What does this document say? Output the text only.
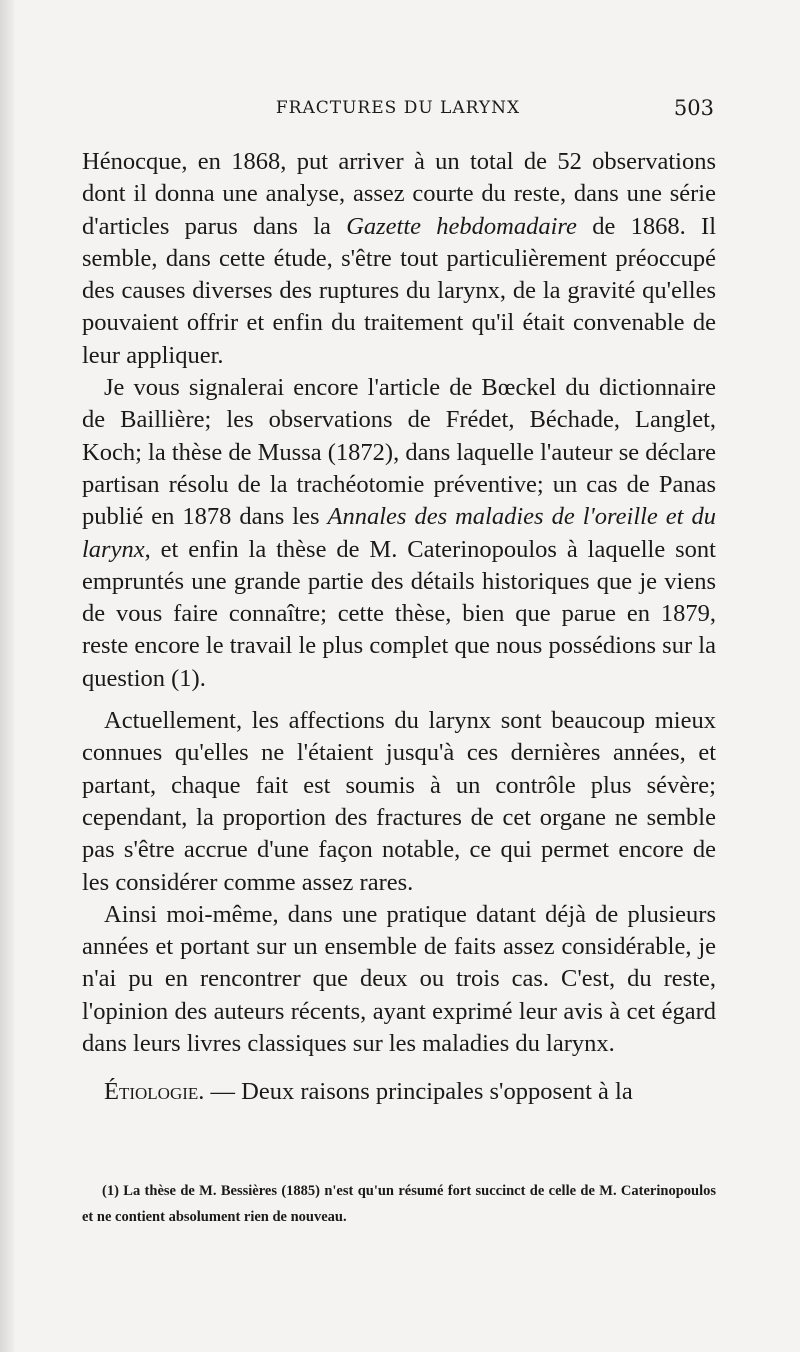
FRACTURES DU LARYNX	503

Hénocque, en 1868, put arriver à un total de 52 observations dont il donna une analyse, assez courte du reste, dans une série d'articles parus dans la Gazette hebdomadaire de 1868. Il semble, dans cette étude, s'être tout particulièrement préoccupé des causes diverses des ruptures du larynx, de la gravité qu'elles pouvaient offrir et enfin du traitement qu'il était convenable de leur appliquer.

Je vous signalerai encore l'article de Bœckel du dictionnaire de Baillière; les observations de Frédet, Béchade, Langlet, Koch; la thèse de Mussa (1872), dans laquelle l'auteur se déclare partisan résolu de la trachéotomie préventive; un cas de Panas publié en 1878 dans les Annales des maladies de l'oreille et du larynx, et enfin la thèse de M. Caterinopoulos à laquelle sont empruntés une grande partie des détails historiques que je viens de vous faire connaître; cette thèse, bien que parue en 1879, reste encore le travail le plus complet que nous possédions sur la question (1).

Actuellement, les affections du larynx sont beaucoup mieux connues qu'elles ne l'étaient jusqu'à ces dernières années, et partant, chaque fait est soumis à un contrôle plus sévère; cependant, la proportion des fractures de cet organe ne semble pas s'être accrue d'une façon notable, ce qui permet encore de les considérer comme assez rares.

Ainsi moi-même, dans une pratique datant déjà de plusieurs années et portant sur un ensemble de faits assez considérable, je n'ai pu en rencontrer que deux ou trois cas. C'est, du reste, l'opinion des auteurs récents, ayant exprimé leur avis à cet égard dans leurs livres classiques sur les maladies du larynx.

Étiologie. — Deux raisons principales s'opposent à la

(1) La thèse de M. Bessières (1885) n'est qu'un résumé fort succinct de celle de M. Caterinopoulos et ne contient absolument rien de nouveau.
